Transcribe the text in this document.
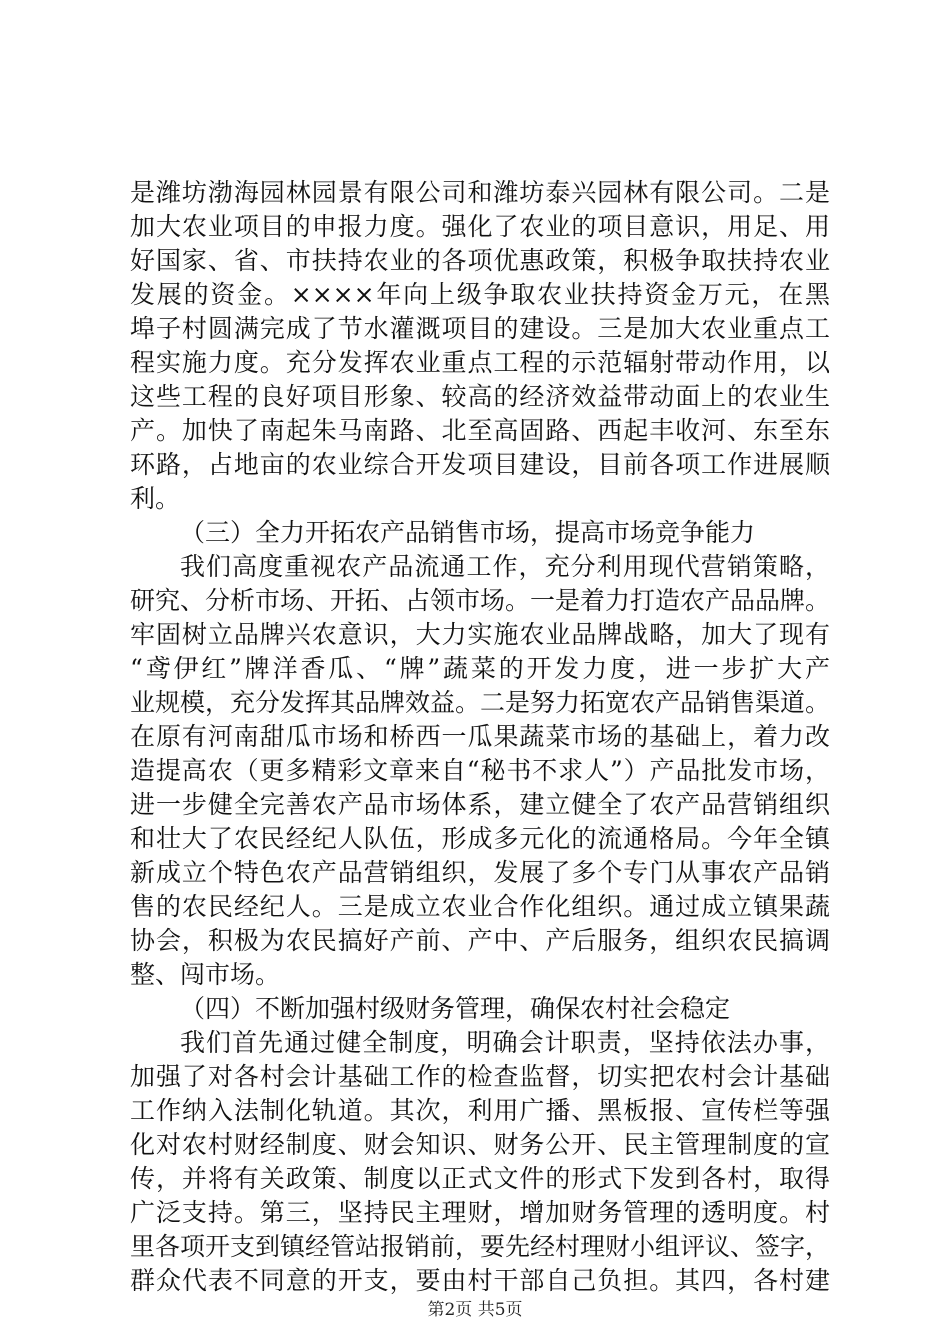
是潍坊渤海园林园景有限公司和潍坊泰兴园林有限公司。二是
加大农业项目的申报力度。强化了农业的项目意识，用足、用
好国家、省、市扶持农业的各项优惠政策，积极争取扶持农业
发展的资金。××××年向上级争取农业扶持资金万元，在黑
埠子村圆满完成了节水灌溉项目的建设。三是加大农业重点工
程实施力度。充分发挥农业重点工程的示范辐射带动作用，以
这些工程的良好项目形象、较高的经济效益带动面上的农业生
产。加快了南起朱马南路、北至高固路、西起丰收河、东至东
环路，占地亩的农业综合开发项目建设，目前各项工作进展顺
利。
（三）全力开拓农产品销售市场，提高市场竞争能力
我们高度重视农产品流通工作，充分利用现代营销策略，
研究、分析市场、开拓、占领市场。一是着力打造农产品品牌。
牢固树立品牌兴农意识，大力实施农业品牌战略，加大了现有
“鸢伊红”牌洋香瓜、“牌”蔬菜的开发力度，进一步扩大产
业规模，充分发挥其品牌效益。二是努力拓宽农产品销售渠道。
在原有河南甜瓜市场和桥西一瓜果蔬菜市场的基础上，着力改
造提高农（更多精彩文章来自“秘书不求人”）产品批发市场，
进一步健全完善农产品市场体系，建立健全了农产品营销组织
和壮大了农民经纪人队伍，形成多元化的流通格局。今年全镇
新成立个特色农产品营销组织，发展了多个专门从事农产品销
售的农民经纪人。三是成立农业合作化组织。通过成立镇果蔬
协会，积极为农民搞好产前、产中、产后服务，组织农民搞调
整、闯市场。
（四）不断加强村级财务管理，确保农村社会稳定
我们首先通过健全制度，明确会计职责，坚持依法办事，
加强了对各村会计基础工作的检查监督，切实把农村会计基础
工作纳入法制化轨道。其次，利用广播、黑板报、宣传栏等强
化对农村财经制度、财会知识、财务公开、民主管理制度的宣
传，并将有关政策、制度以正式文件的形式下发到各村，取得
广泛支持。第三，坚持民主理财，增加财务管理的透明度。村
里各项开支到镇经管站报销前，要先经村理财小组评议、签字，
群众代表不同意的开支，要由村干部自己负担。其四，各村建
第2页 共5页
